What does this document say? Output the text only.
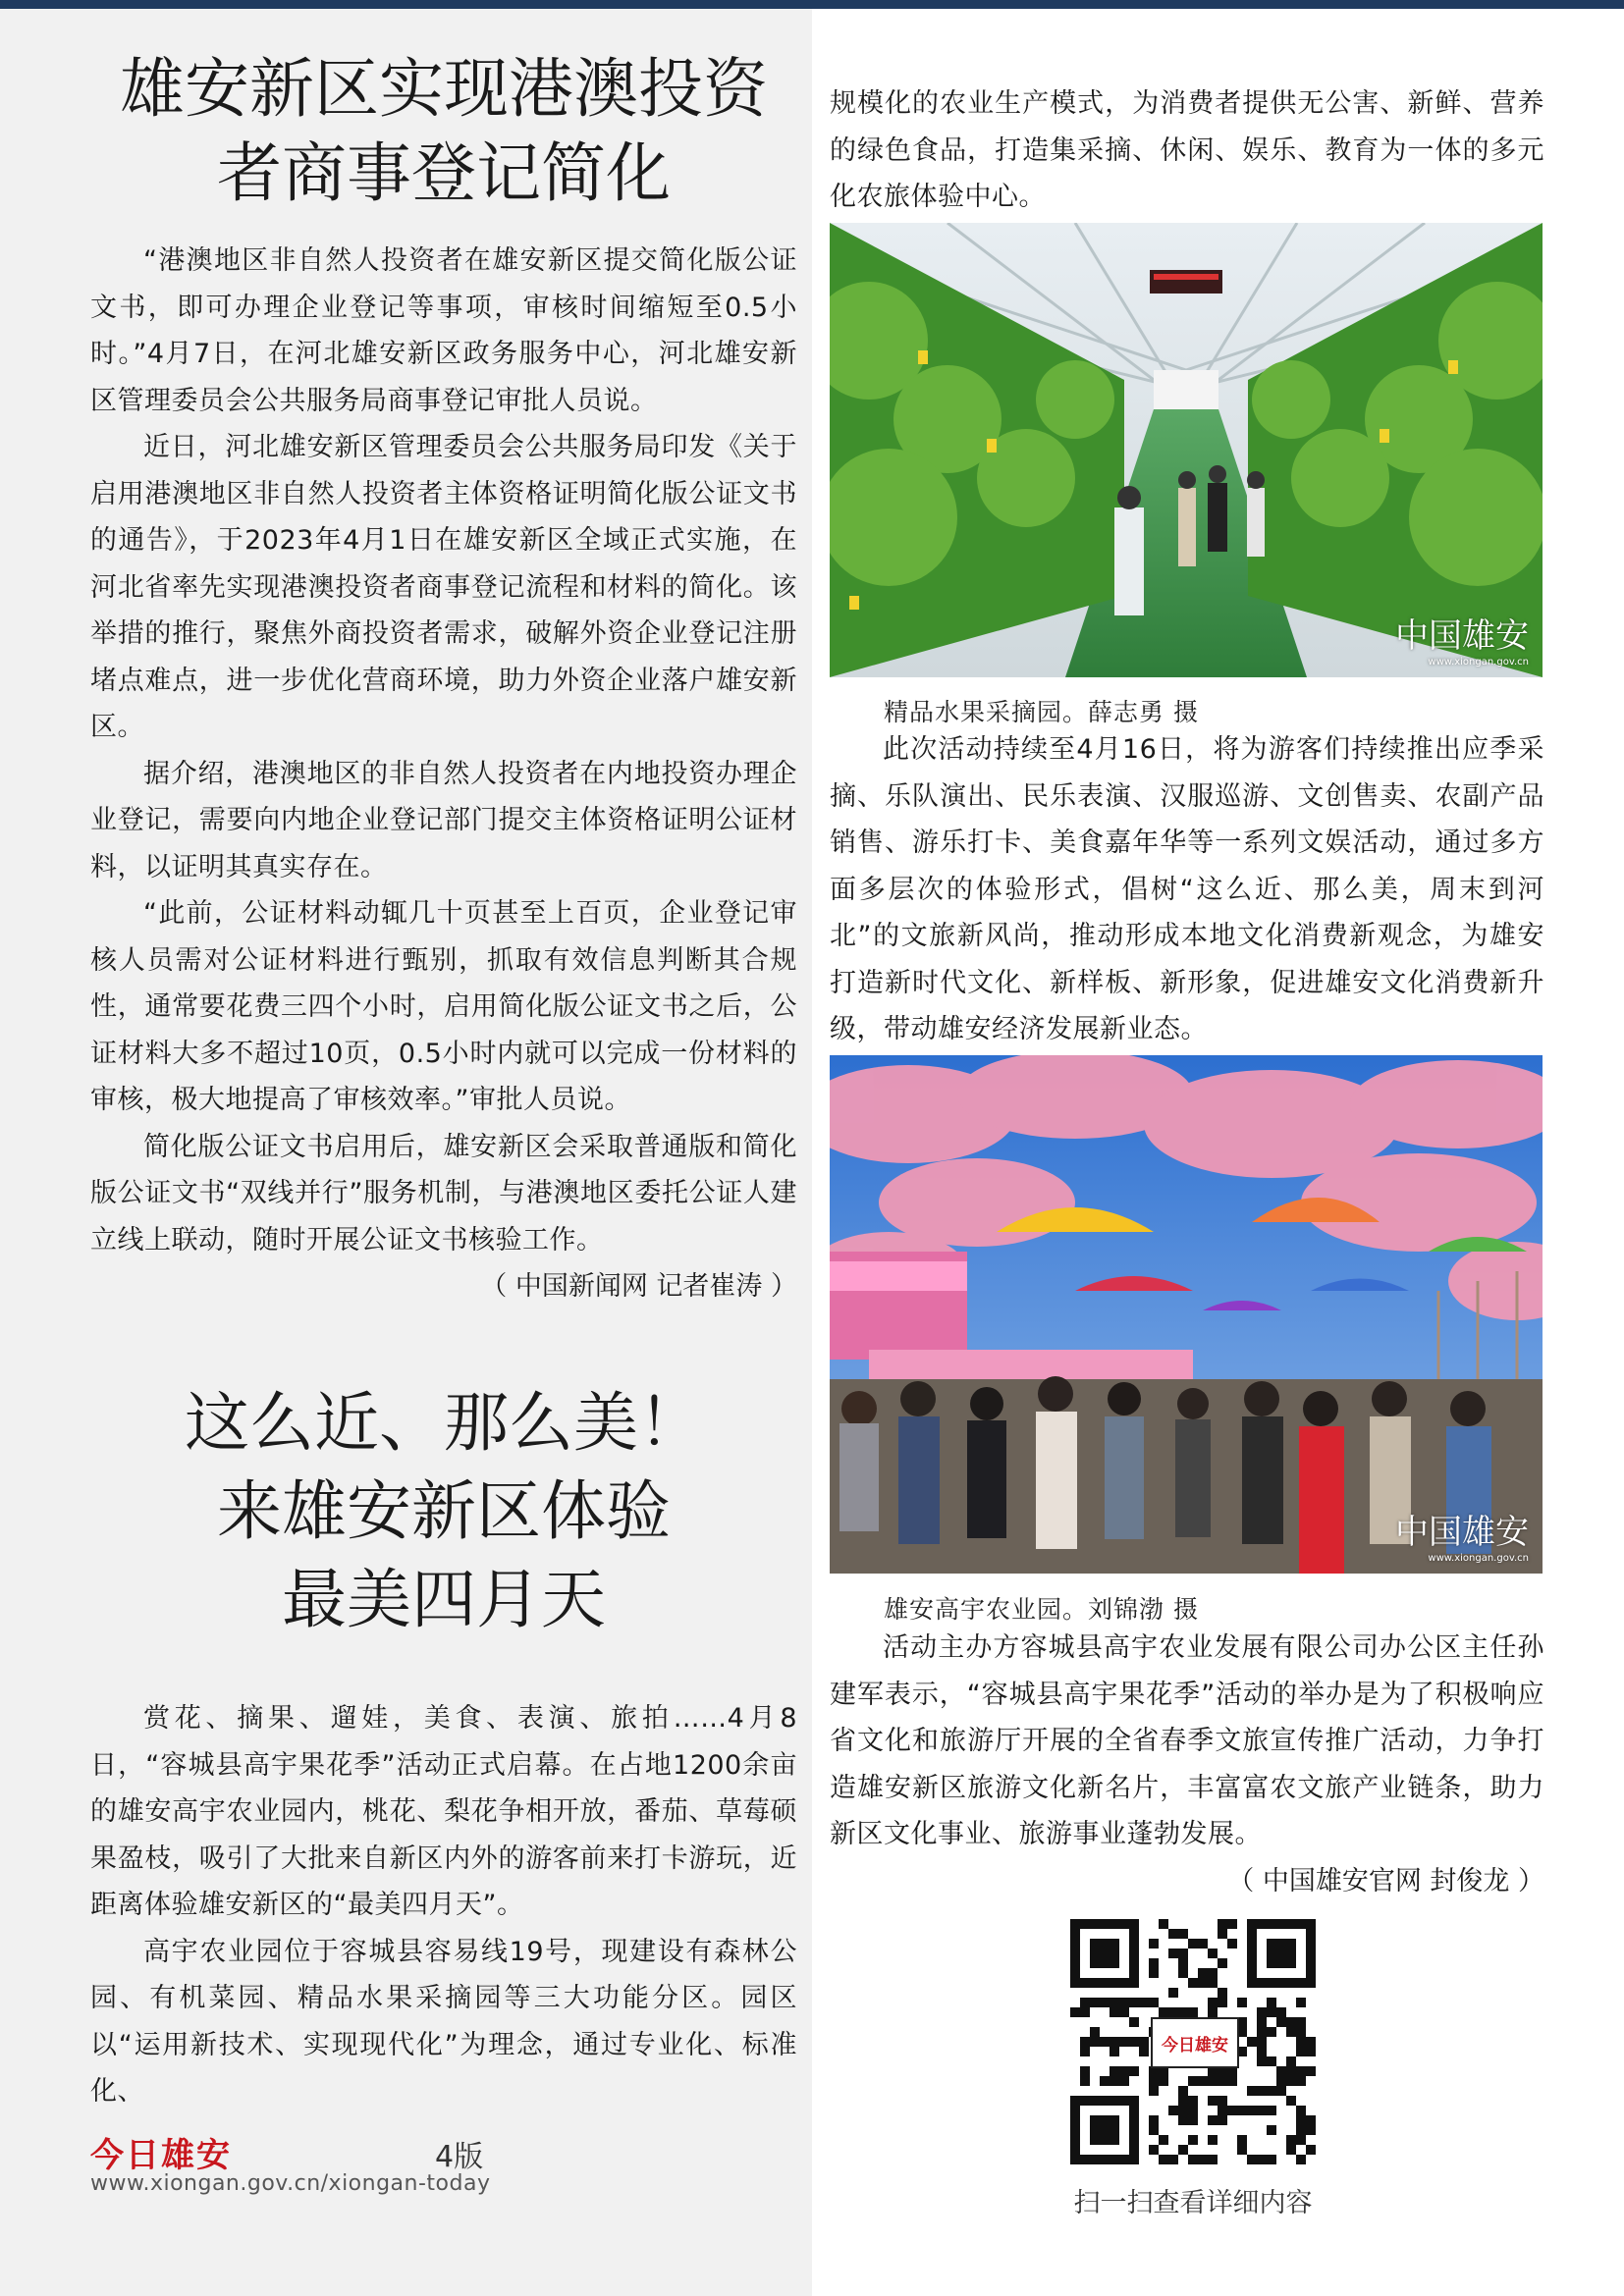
雄安新区实现港澳投资
者商事登记简化

“港澳地区非自然人投资者在雄安新区提交简化版公证文书，即可办理企业登记等事项，审核时间缩短至0.5小时。”4月7日，在河北雄安新区政务服务中心，河北雄安新区管理委员会公共服务局商事登记审批人员说。

近日，河北雄安新区管理委员会公共服务局印发《关于启用港澳地区非自然人投资者主体资格证明简化版公证文书的通告》，于2023年4月1日在雄安新区全域正式实施，在河北省率先实现港澳投资者商事登记流程和材料的简化。该举措的推行，聚焦外商投资者需求，破解外资企业登记注册堵点难点，进一步优化营商环境，助力外资企业落户雄安新区。

据介绍，港澳地区的非自然人投资者在内地投资办理企业登记，需要向内地企业登记部门提交主体资格证明公证材料，以证明其真实存在。

“此前，公证材料动辄几十页甚至上百页，企业登记审核人员需对公证材料进行甄别，抓取有效信息判断其合规性，通常要花费三四个小时，启用简化版公证文书之后，公证材料大多不超过10页，0.5小时内就可以完成一份材料的审核，极大地提高了审核效率。”审批人员说。

简化版公证文书启用后，雄安新区会采取普通版和简化版公证文书“双线并行”服务机制，与港澳地区委托公证人建立线上联动，随时开展公证文书核验工作。

（ 中国新闻网 记者崔涛 ）

这么近、那么美！
来雄安新区体验
最美四月天

赏花、摘果、遛娃，美食、表演、旅拍……4月8日，“容城县高宇果花季”活动正式启幕。在占地1200余亩的雄安高宇农业园内，桃花、梨花争相开放，番茄、草莓硕果盈枝，吸引了大批来自新区内外的游客前来打卡游玩，近距离体验雄安新区的“最美四月天”。

高宇农业园位于容城县容易线19号，现建设有森林公园、有机菜园、精品水果采摘园等三大功能分区。园区以“运用新技术、实现现代化”为理念，通过专业化、标准化、

规模化的农业生产模式，为消费者提供无公害、新鲜、营养的绿色食品，打造集采摘、休闲、娱乐、教育为一体的多元化农旅体验中心。

中国雄安
www.xiongan.gov.cn
精品水果采摘园。薛志勇 摄

此次活动持续至4月16日，将为游客们持续推出应季采摘、乐队演出、民乐表演、汉服巡游、文创售卖、农副产品销售、游乐打卡、美食嘉年华等一系列文娱活动，通过多方面多层次的体验形式，倡树“这么近、那么美，周末到河北”的文旅新风尚，推动形成本地文化消费新观念，为雄安打造新时代文化、新样板、新形象，促进雄安文化消费新升级，带动雄安经济发展新业态。

中国雄安
www.xiongan.gov.cn
雄安高宇农业园。刘锦渤 摄

活动主办方容城县高宇农业发展有限公司办公区主任孙建军表示，“容城县高宇果花季”活动的举办是为了积极响应省文化和旅游厅开展的全省春季文旅宣传推广活动，力争打造雄安新区旅游文化新名片，丰富富农文旅产业链条，助力新区文化事业、旅游事业蓬勃发展。

（ 中国雄安官网 封俊龙 ）

今日雄安
扫一扫查看详细内容
今日雄安	4版
www.xiongan.gov.cn/xiongan-today
